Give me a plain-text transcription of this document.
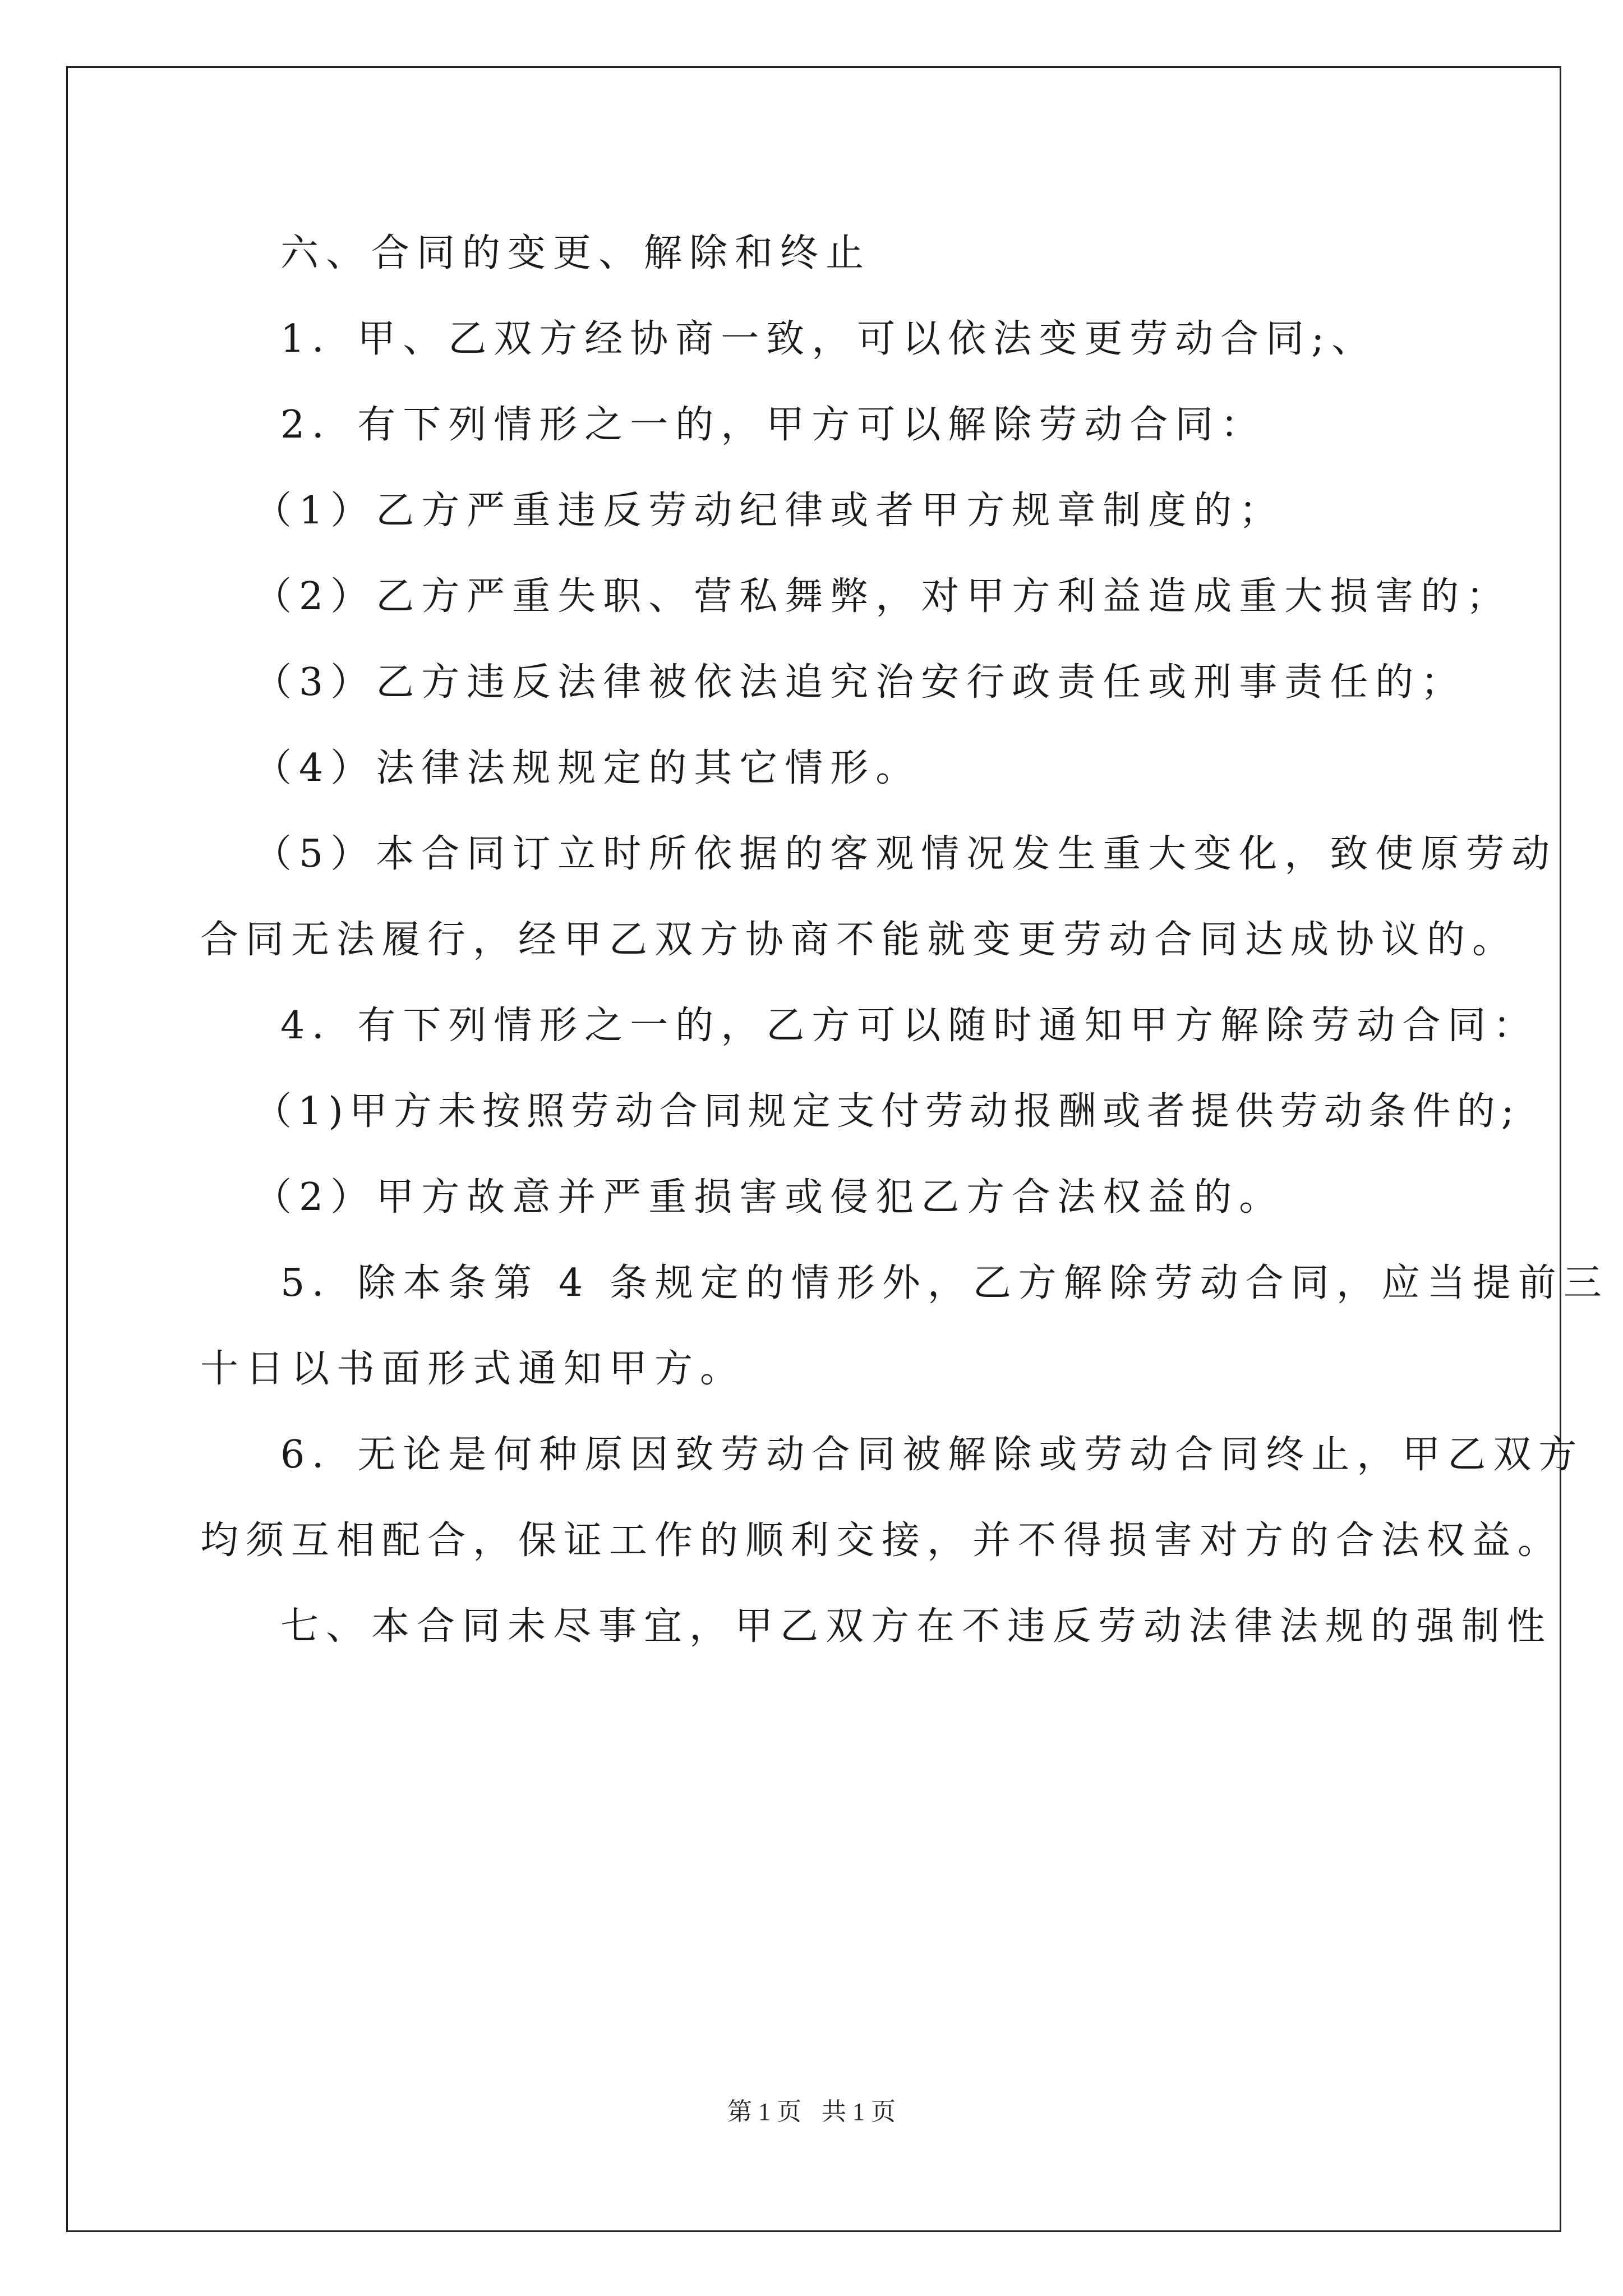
六、合同的变更、解除和终止
1．甲、乙双方经协商一致，可以依法变更劳动合同;、
2．有下列情形之一的，甲方可以解除劳动合同：
（1）乙方严重违反劳动纪律或者甲方规章制度的；
（2）乙方严重失职、营私舞弊，对甲方利益造成重大损害的；
（3）乙方违反法律被依法追究治安行政责任或刑事责任的；
（4）法律法规规定的其它情形。
（5）本合同订立时所依据的客观情况发生重大变化，致使原劳动
合同无法履行，经甲乙双方协商不能就变更劳动合同达成协议的。
4．有下列情形之一的，乙方可以随时通知甲方解除劳动合同：
（1)甲方未按照劳动合同规定支付劳动报酬或者提供劳动条件的;
（2）甲方故意并严重损害或侵犯乙方合法权益的。
5．除本条第 4 条规定的情形外，乙方解除劳动合同，应当提前三
十日以书面形式通知甲方。
6．无论是何种原因致劳动合同被解除或劳动合同终止，甲乙双方
均须互相配合，保证工作的顺利交接，并不得损害对方的合法权益。
七、本合同未尽事宜，甲乙双方在不违反劳动法律法规的强制性
第 1 页 共 1 页
